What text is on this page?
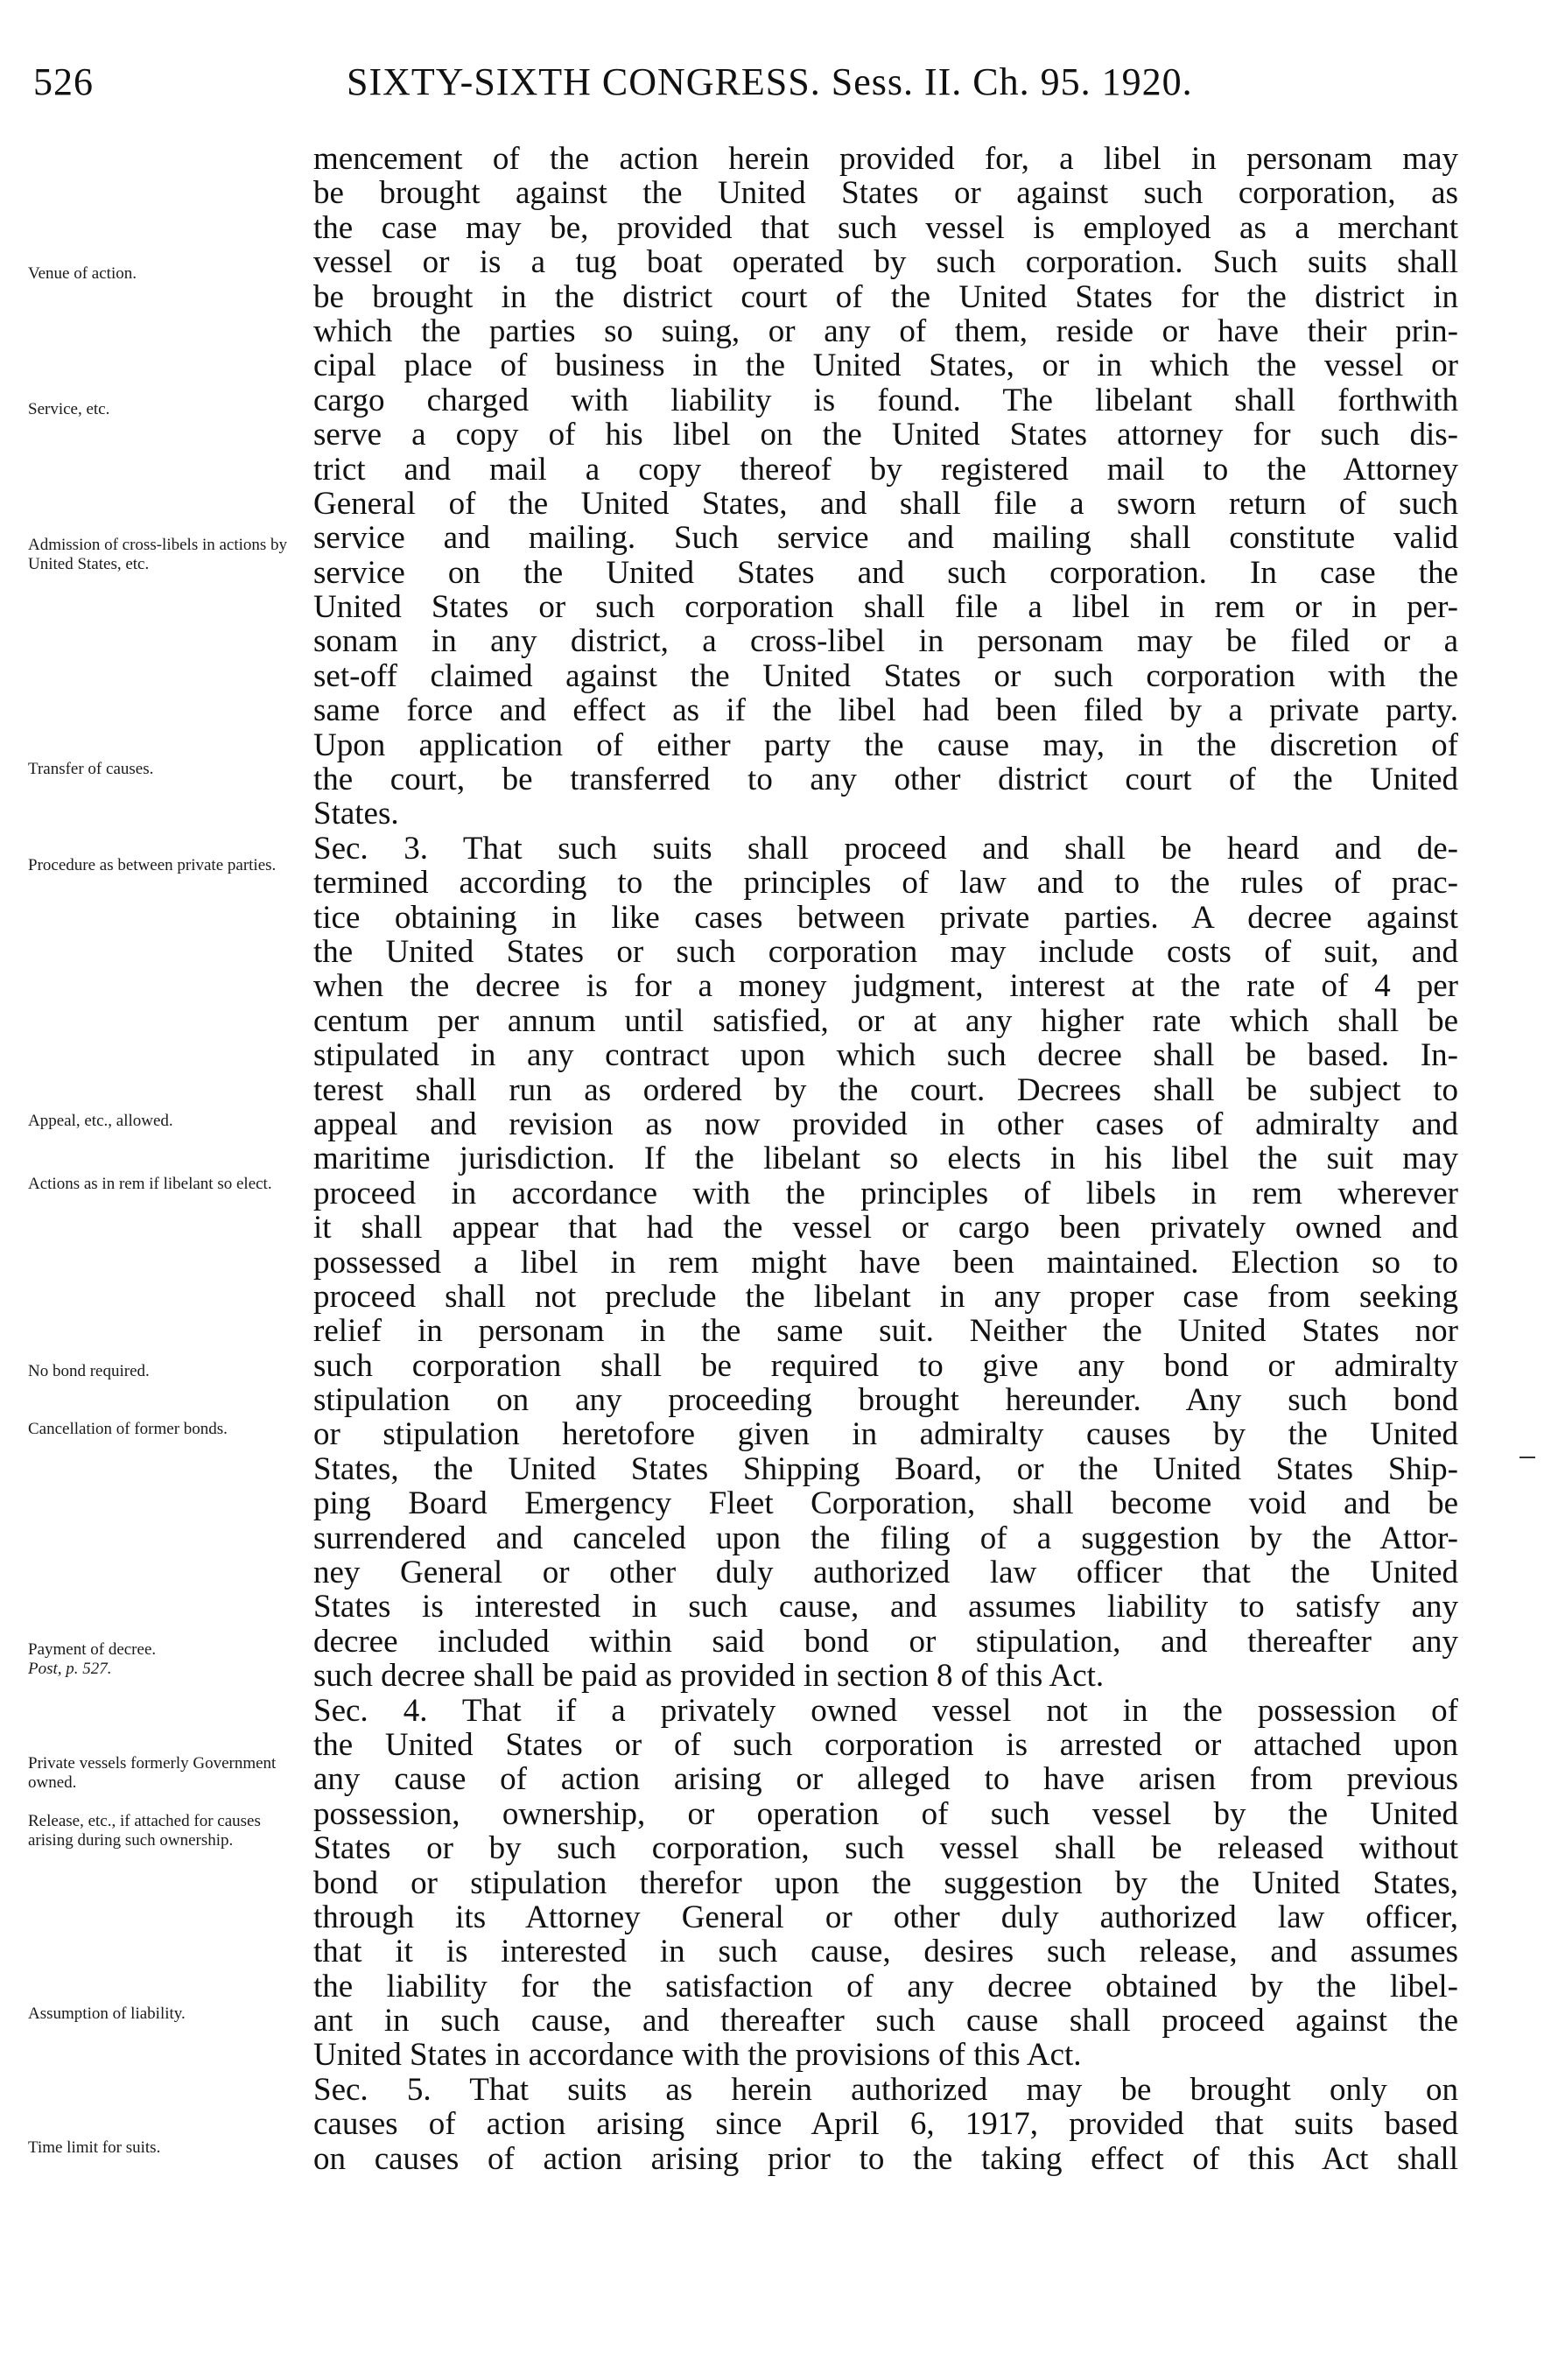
526	SIXTY-SIXTH CONGRESS. Sess. II. Ch. 95. 1920.
Venue of action.
Service, etc.
Admission of cross-libels in actions by United States, etc.
Transfer of causes.
Procedure as between private parties.
Appeal, etc., allowed.
Actions as in rem if libelant so elect.
No bond required.
Cancellation of former bonds.
Payment of decree.
Post, p. 527.
Private vessels formerly Government owned.
Release, etc., if attached for causes arising during such ownership.
Assumption of liability.
Time limit for suits.
mencement of the action herein provided for, a libel in personam may
be brought against the United States or against such corporation, as
the case may be, provided that such vessel is employed as a merchant
vessel or is a tug boat operated by such corporation. Such suits shall
be brought in the district court of the United States for the district in
which the parties so suing, or any of them, reside or have their prin-
cipal place of business in the United States, or in which the vessel or
cargo charged with liability is found. The libelant shall forthwith
serve a copy of his libel on the United States attorney for such dis-
trict and mail a copy thereof by registered mail to the Attorney
General of the United States, and shall file a sworn return of such
service and mailing. Such service and mailing shall constitute valid
service on the United States and such corporation. In case the
United States or such corporation shall file a libel in rem or in per-
sonam in any district, a cross-libel in personam may be filed or a
set-off claimed against the United States or such corporation with the
same force and effect as if the libel had been filed by a private party.
Upon application of either party the cause may, in the discretion of
the court, be transferred to any other district court of the United
States.
Sec. 3. That such suits shall proceed and shall be heard and de-
termined according to the principles of law and to the rules of prac-
tice obtaining in like cases between private parties. A decree against
the United States or such corporation may include costs of suit, and
when the decree is for a money judgment, interest at the rate of 4 per
centum per annum until satisfied, or at any higher rate which shall be
stipulated in any contract upon which such decree shall be based. In-
terest shall run as ordered by the court. Decrees shall be subject to
appeal and revision as now provided in other cases of admiralty and
maritime jurisdiction. If the libelant so elects in his libel the suit may
proceed in accordance with the principles of libels in rem wherever
it shall appear that had the vessel or cargo been privately owned and
possessed a libel in rem might have been maintained. Election so to
proceed shall not preclude the libelant in any proper case from seeking
relief in personam in the same suit. Neither the United States nor
such corporation shall be required to give any bond or admiralty
stipulation on any proceeding brought hereunder. Any such bond
or stipulation heretofore given in admiralty causes by the United
States, the United States Shipping Board, or the United States Ship-
ping Board Emergency Fleet Corporation, shall become void and be
surrendered and canceled upon the filing of a suggestion by the Attor-
ney General or other duly authorized law officer that the United
States is interested in such cause, and assumes liability to satisfy any
decree included within said bond or stipulation, and thereafter any
such decree shall be paid as provided in section 8 of this Act.
Sec. 4. That if a privately owned vessel not in the possession of
the United States or of such corporation is arrested or attached upon
any cause of action arising or alleged to have arisen from previous
possession, ownership, or operation of such vessel by the United
States or by such corporation, such vessel shall be released without
bond or stipulation therefor upon the suggestion by the United States,
through its Attorney General or other duly authorized law officer,
that it is interested in such cause, desires such release, and assumes
the liability for the satisfaction of any decree obtained by the libel-
ant in such cause, and thereafter such cause shall proceed against the
United States in accordance with the provisions of this Act.
Sec. 5. That suits as herein authorized may be brought only on
causes of action arising since April 6, 1917, provided that suits based
on causes of action arising prior to the taking effect of this Act shall
